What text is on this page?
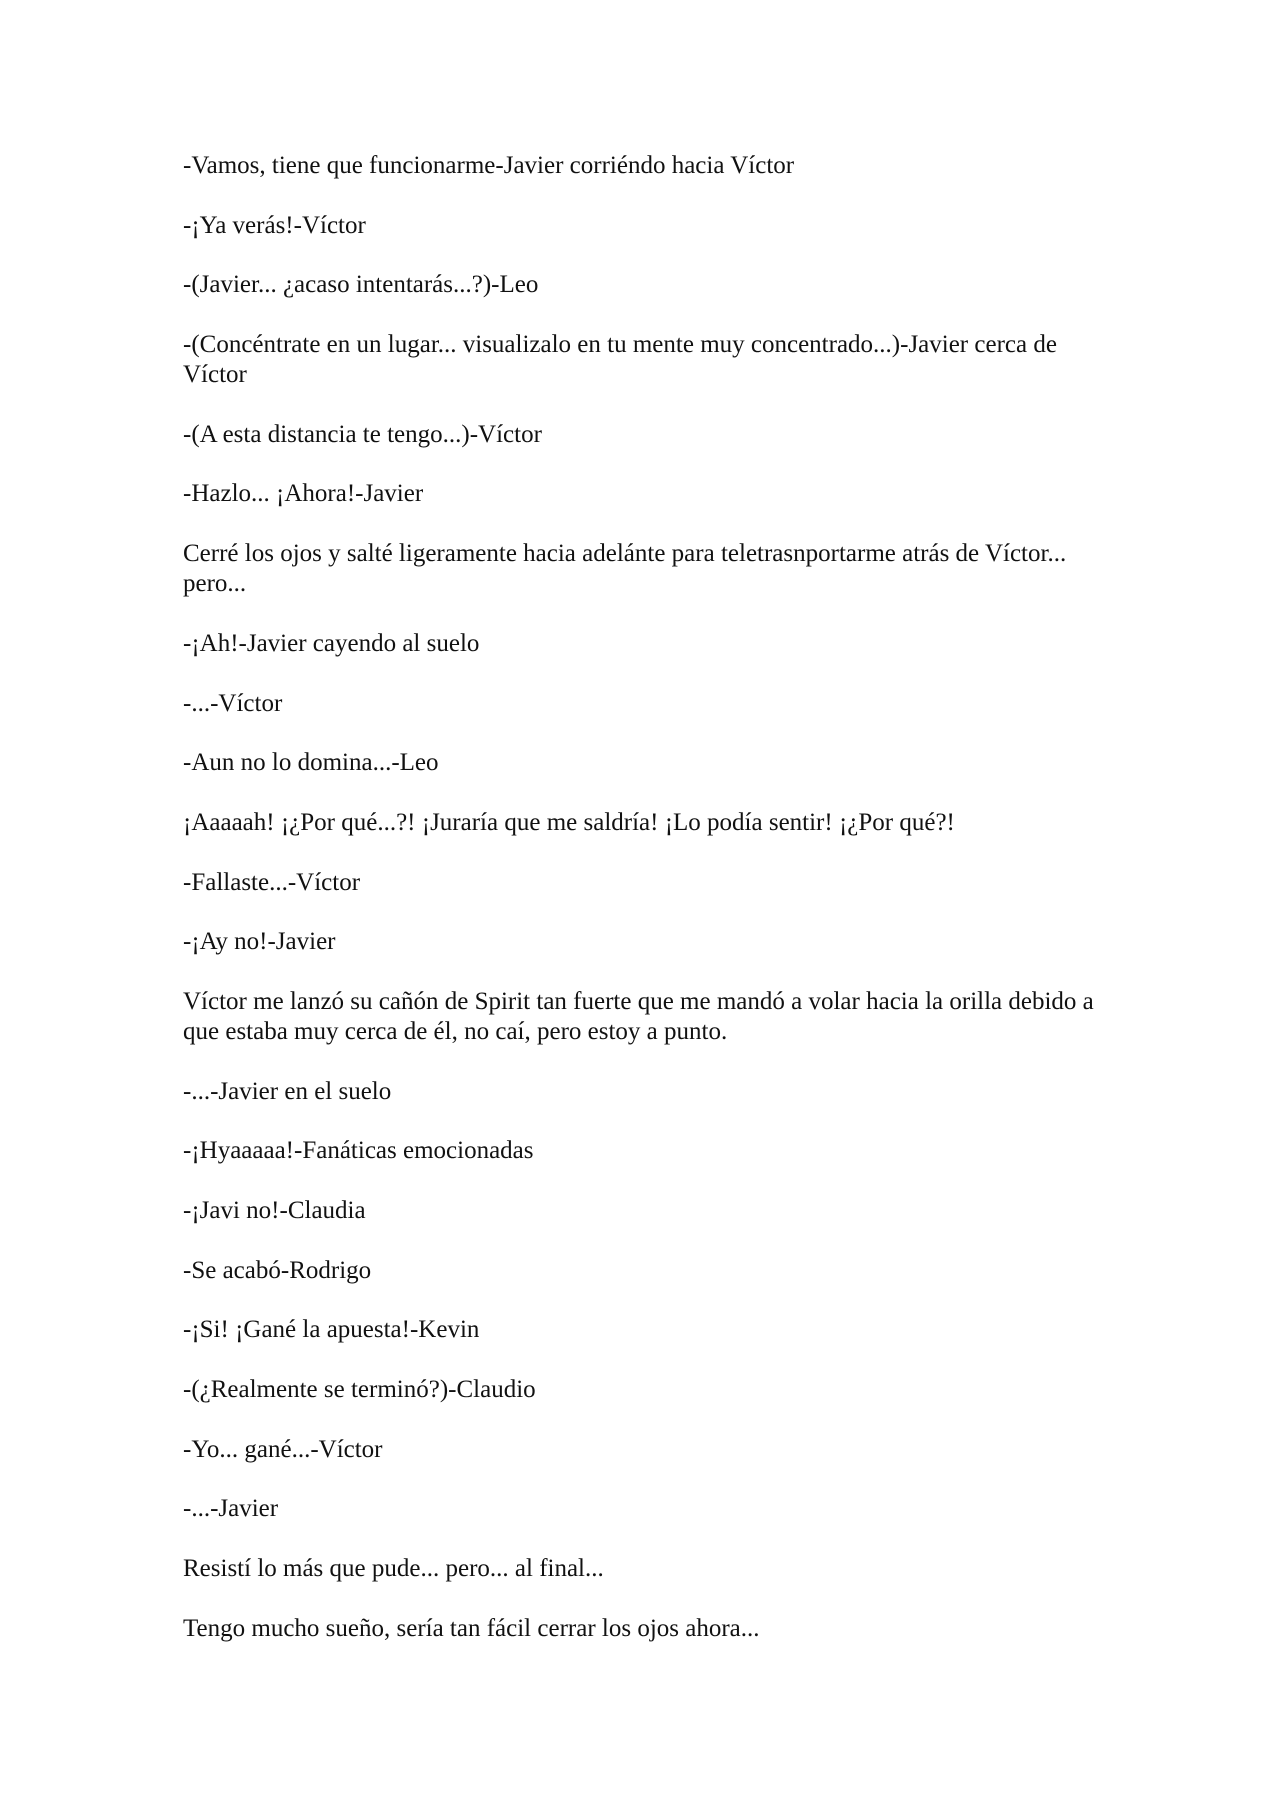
-Vamos, tiene que funcionarme-Javier corriéndo hacia Víctor

-¡Ya verás!-Víctor

-(Javier... ¿acaso intentarás...?)-Leo

-(Concéntrate en un lugar... visualizalo en tu mente muy concentrado...)-Javier cerca de Víctor

-(A esta distancia te tengo...)-Víctor

-Hazlo... ¡Ahora!-Javier

Cerré los ojos y salté ligeramente hacia adelánte para teletrasnportarme atrás de Víctor... pero...

-¡Ah!-Javier cayendo al suelo

-...-Víctor

-Aun no lo domina...-Leo

¡Aaaaah! ¡¿Por qué...?! ¡Juraría que me saldría! ¡Lo podía sentir! ¡¿Por qué?!

-Fallaste...-Víctor

-¡Ay no!-Javier

Víctor me lanzó su cañón de Spirit tan fuerte que me mandó a volar hacia la orilla debido a que estaba muy cerca de él, no caí, pero estoy a punto.

-...-Javier en el suelo

-¡Hyaaaaa!-Fanáticas emocionadas

-¡Javi no!-Claudia

-Se acabó-Rodrigo

-¡Si! ¡Gané la apuesta!-Kevin

-(¿Realmente se terminó?)-Claudio

-Yo... gané...-Víctor

-...-Javier

Resistí lo más que pude... pero... al final...

Tengo mucho sueño, sería tan fácil cerrar los ojos ahora...
